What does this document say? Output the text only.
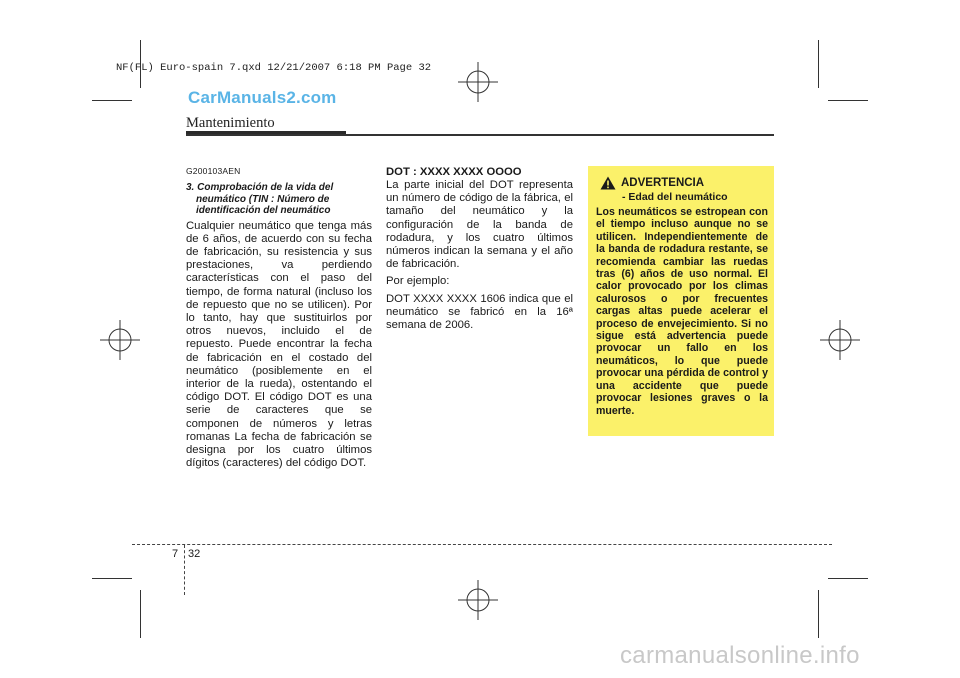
NF(FL) Euro-spain 7.qxd 12/21/2007 6:18 PM Page 32
CarManuals2.com
Mantenimiento
G200103AEN
3. Comprobación de la vida del neumático (TIN : Número de identificación del neumático
Cualquier neumático que tenga más de 6 años, de acuerdo con su fecha de fabricación, su resistencia y sus prestaciones, va perdiendo características con el paso del tiempo, de forma natural (incluso los de repuesto que no se utilicen). Por lo tanto, hay que sustituirlos por otros nuevos, incluido el de repuesto. Puede encontrar la fecha de fabricación en el costado del neumático (posiblemente en el interior de la rueda), ostentando el código DOT. El código DOT es una serie de caracteres que se componen de números y letras romanas La fecha de fabricación se designa por los cuatro últimos dígitos (caracteres) del código DOT.
DOT : XXXX XXXX OOOO

La parte inicial del DOT representa un número de código de la fábrica, el tamaño del neumático y la configuración de la banda de rodadura, y los cuatro últimos números indican la semana y el año de fabricación.

Por ejemplo:

DOT XXXX XXXX 1606 indica que el neumático se fabricó en la 16ª semana de 2006.

ADVERTENCIA
- Edad del neumático
Los neumáticos se estropean con el tiempo incluso aunque no se utilicen. Independientemente de la banda de rodadura restante, se recomienda cambiar las ruedas tras (6) años de uso normal. El calor provocado por los climas calurosos o por frecuentes cargas altas puede acelerar el proceso de envejecimiento. Si no sigue está advertencia puede provocar un fallo en los neumáticos, lo que puede provocar una pérdida de control y una accidente que puede provocar lesiones graves o la muerte.
7 32
carmanualsonline.info
